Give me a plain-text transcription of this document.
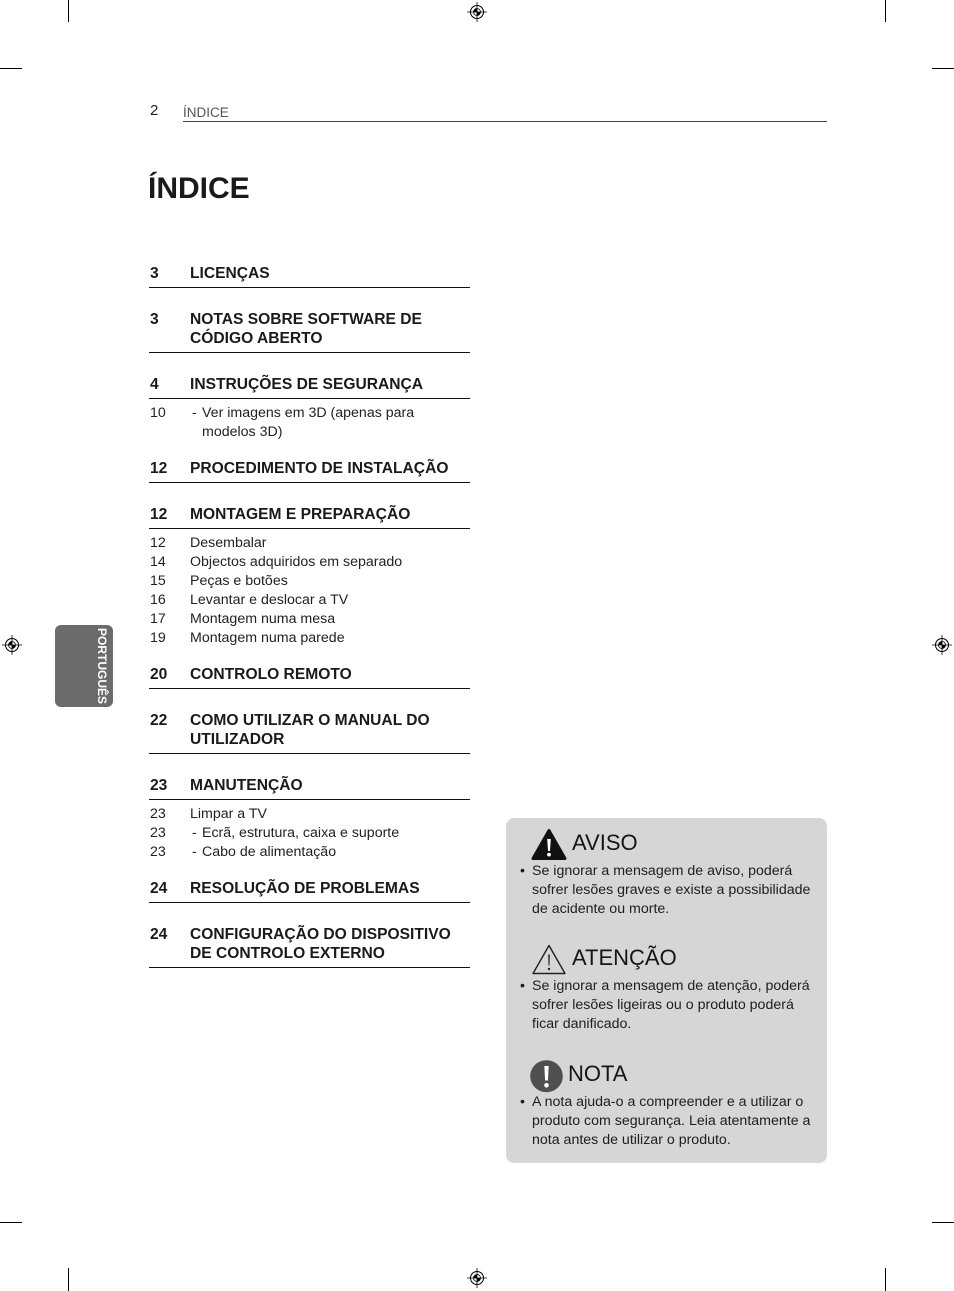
2 ÍNDICE
ÍNDICE
PORTUGUÊS
3 LICENÇAS
3 NOTAS SOBRE SOFTWARE DE
CÓDIGO ABERTO
4 INSTRUÇÕES DE SEGURANÇA
10 - Ver imagens em 3D (apenas para
modelos 3D)
12 PROCEDIMENTO DE INSTALAÇÃO
12 MONTAGEM E PREPARAÇÃO
12 Desembalar
14 Objectos adquiridos em separado
15 Peças e botões
16 Levantar e deslocar a TV
17 Montagem numa mesa
19 Montagem numa parede
20 CONTROLO REMOTO
22 COMO UTILIZAR O MANUAL DO
UTILIZADOR
23 MANUTENÇÃO
23 Limpar a TV
23 - Ecrã, estrutura, caixa e suporte
23 - Cabo de alimentação
24 RESOLUÇÃO DE PROBLEMAS
24 CONFIGURAÇÃO DO DISPOSITIVO
DE CONTROLO EXTERNO
AVISO
• Se ignorar a mensagem de aviso, poderá
sofrer lesões graves e existe a possibilidade
de acidente ou morte.
ATENÇÃO
• Se ignorar a mensagem de atenção, poderá
sofrer lesões ligeiras ou o produto poderá
ficar danificado.
NOTA
• A nota ajuda-o a compreender e a utilizar o
produto com segurança. Leia atentamente a
nota antes de utilizar o produto.
